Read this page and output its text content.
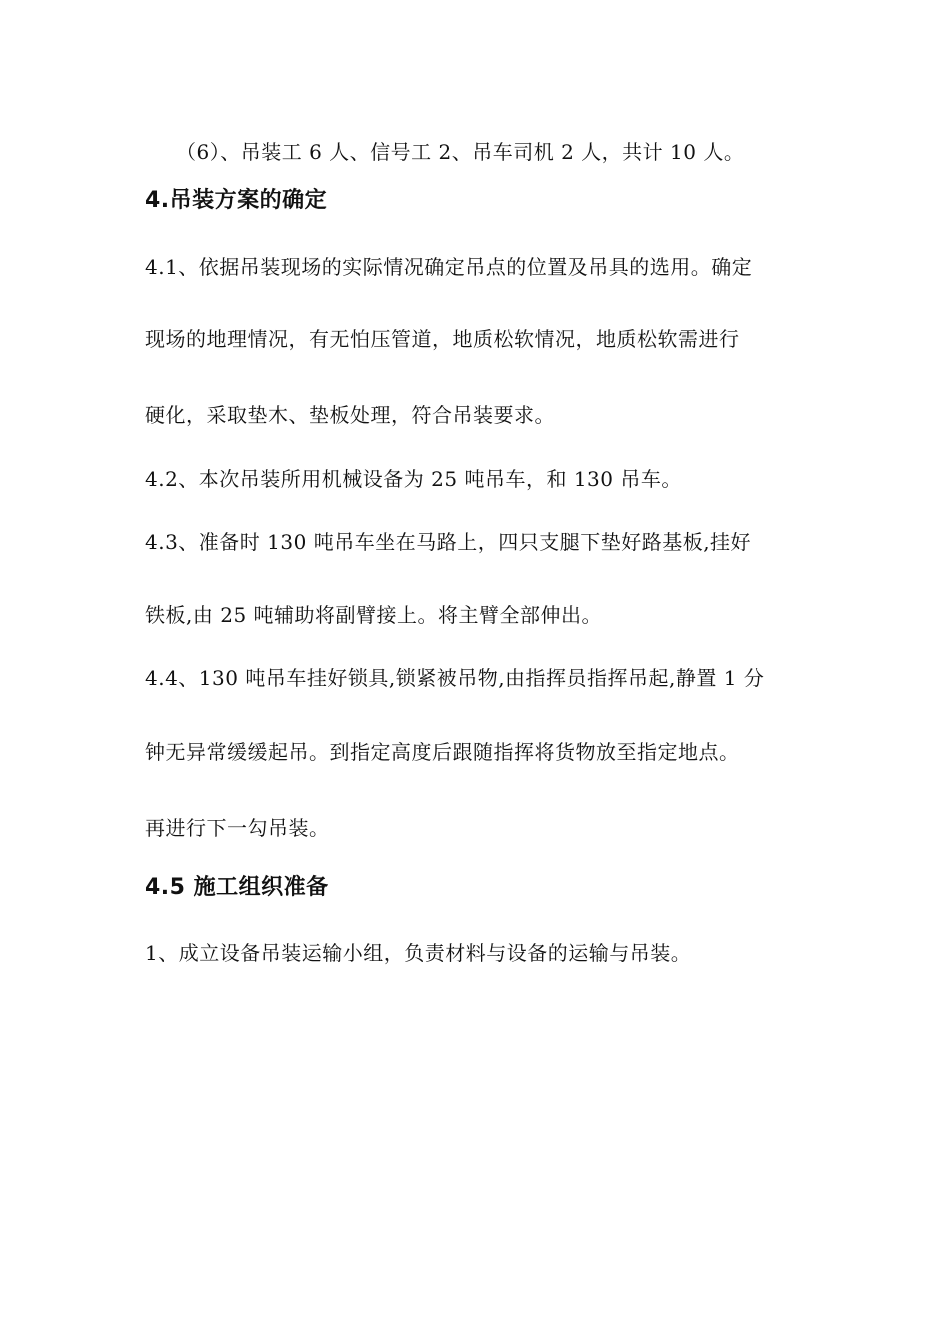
（6）、吊装工 6 人、信号工 2、吊车司机 2 人，共计 10 人。
4.吊装方案的确定
4.1、依据吊装现场的实际情况确定吊点的位置及吊具的选用。确定
现场的地理情况，有无怕压管道，地质松软情况，地质松软需进行
硬化，采取垫木、垫板处理，符合吊装要求。
4.2、本次吊装所用机械设备为 25 吨吊车，和 130 吊车。
4.3、准备时 130 吨吊车坐在马路上，四只支腿下垫好路基板,挂好
铁板,由 25 吨辅助将副臂接上。将主臂全部伸出。
4.4、130 吨吊车挂好锁具,锁紧被吊物,由指挥员指挥吊起,静置 1 分
钟无异常缓缓起吊。到指定高度后跟随指挥将货物放至指定地点。
再进行下一勾吊装。
4.5 施工组织准备
1、成立设备吊装运输小组，负责材料与设备的运输与吊装。
